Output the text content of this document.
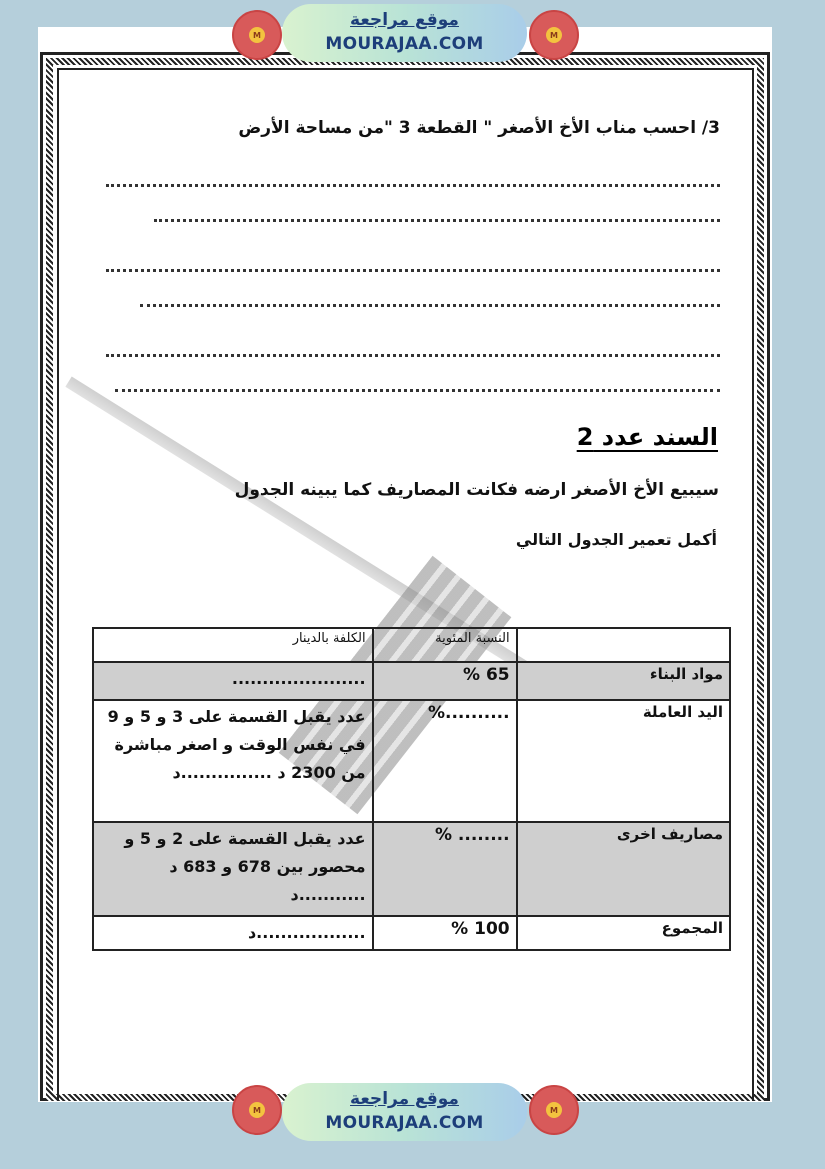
M
موقع مراجعة
MOURAJAA.COM	M
3/ احسب مناب الأخ الأصغر " القطعة 3 "من مساحة الأرض
السند عدد 2
سيبيع الأخ الأصغر ارضه فكانت المصاريف كما يبينه الجدول
أكمل تعمير الجدول التالي
	النسبة المئوية	الكلفة بالدينار
مواد البناء	65 %	......................
اليد العاملة	..........%	عدد يقبل القسمة على 3 و 5 و 9 في نفس الوقت و اصغر مباشرة من 2300 د ...............د
مصاريف اخرى	........ %	عدد يقبل القسمة على 2 و 5 و محصور بين 678 و 683 د ...........د
المجموع	100 %	..................د
M
موقع مراجعة
MOURAJAA.COM
M
